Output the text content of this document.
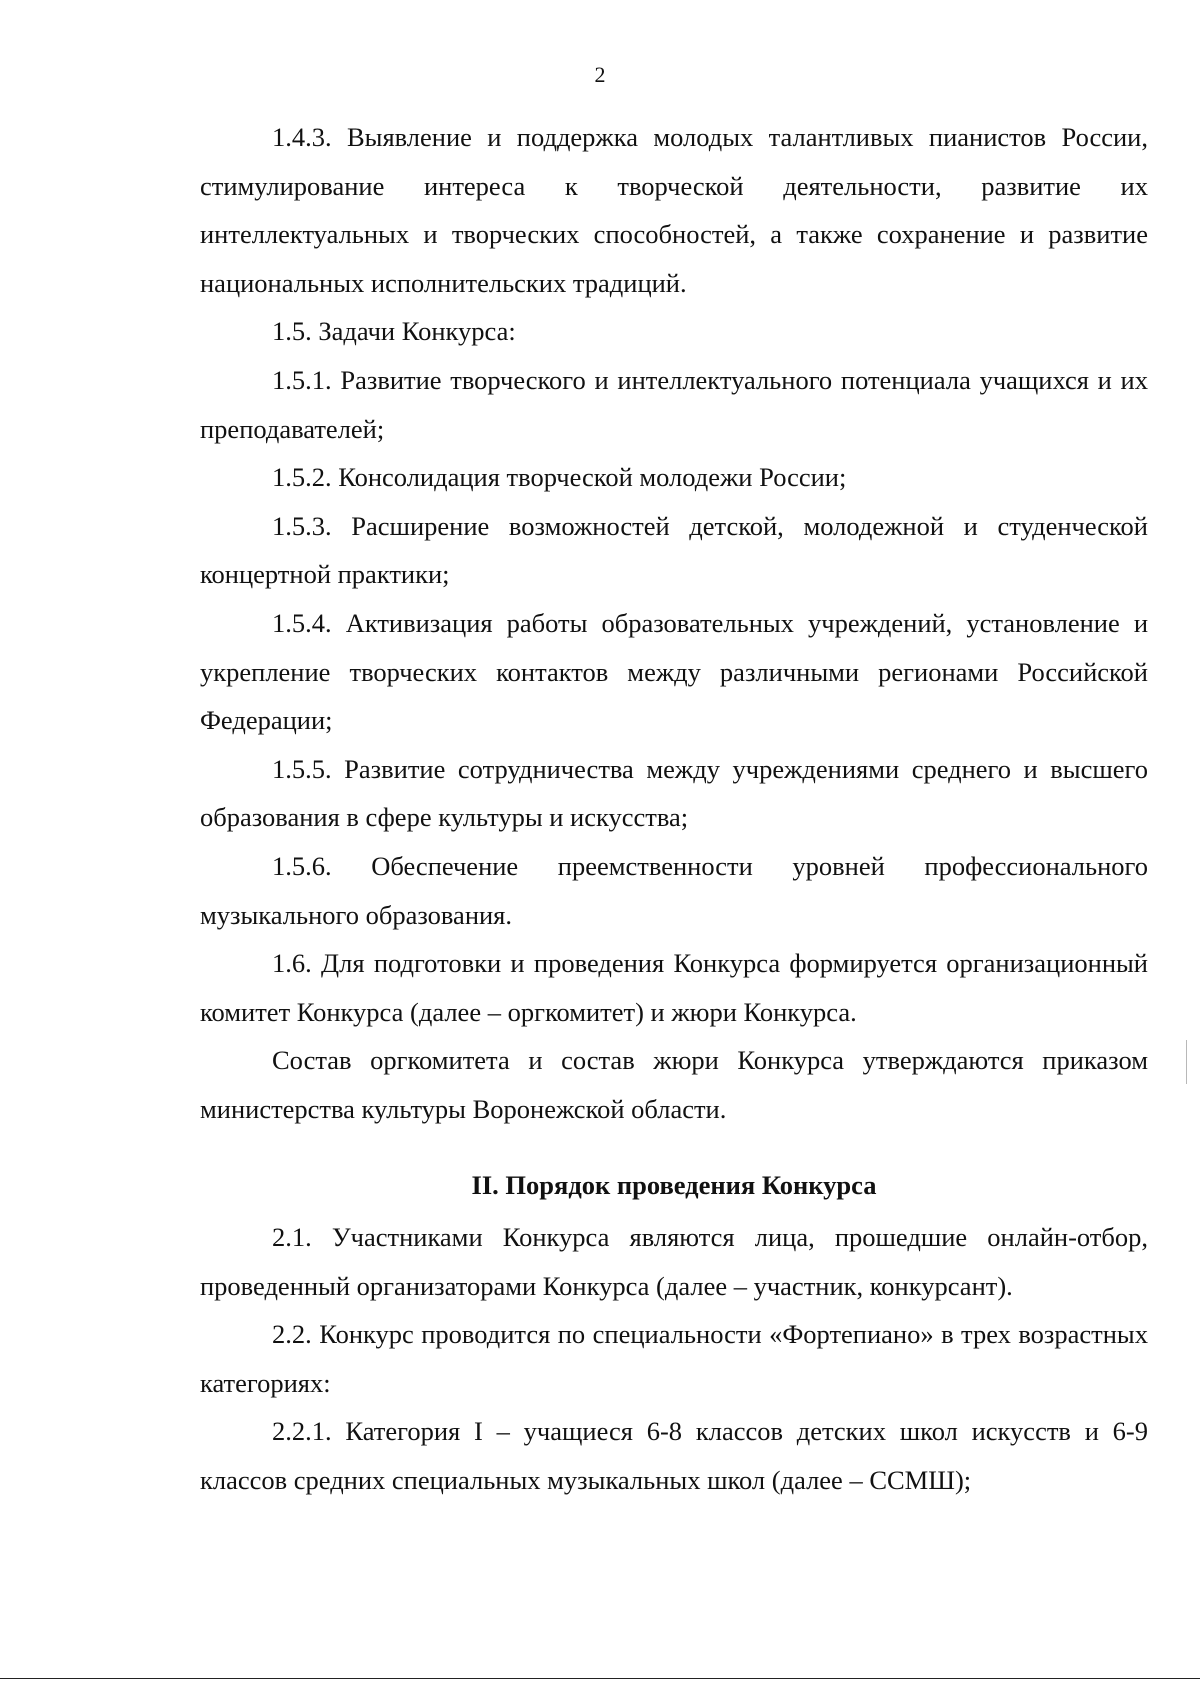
2

1.4.3. Выявление и поддержка молодых талантливых пианистов России, стимулирование интереса к творческой деятельности, развитие их интеллектуальных и творческих способностей, а также сохранение и развитие национальных исполнительских традиций.

1.5. Задачи Конкурса:

1.5.1. Развитие творческого и интеллектуального потенциала учащихся и их преподавателей;

1.5.2. Консолидация творческой молодежи России;

1.5.3. Расширение возможностей детской, молодежной и студенческой концертной практики;

1.5.4. Активизация работы образовательных учреждений, установление и укрепление творческих контактов между различными регионами Российской Федерации;

1.5.5. Развитие сотрудничества между учреждениями среднего и высшего образования в сфере культуры и искусства;

1.5.6. Обеспечение преемственности уровней профессионального музыкального образования.

1.6. Для подготовки и проведения Конкурса формируется организационный комитет Конкурса (далее – оргкомитет) и жюри Конкурса.

Состав оргкомитета и состав жюри Конкурса утверждаются приказом министерства культуры Воронежской области.

II. Порядок проведения Конкурса

2.1. Участниками Конкурса являются лица, прошедшие онлайн-отбор, проведенный организаторами Конкурса (далее – участник, конкурсант).

2.2. Конкурс проводится по специальности «Фортепиано» в трех возрастных категориях:

2.2.1. Категория I – учащиеся 6-8 классов детских школ искусств и 6-9 классов средних специальных музыкальных школ (далее – ССМШ);
